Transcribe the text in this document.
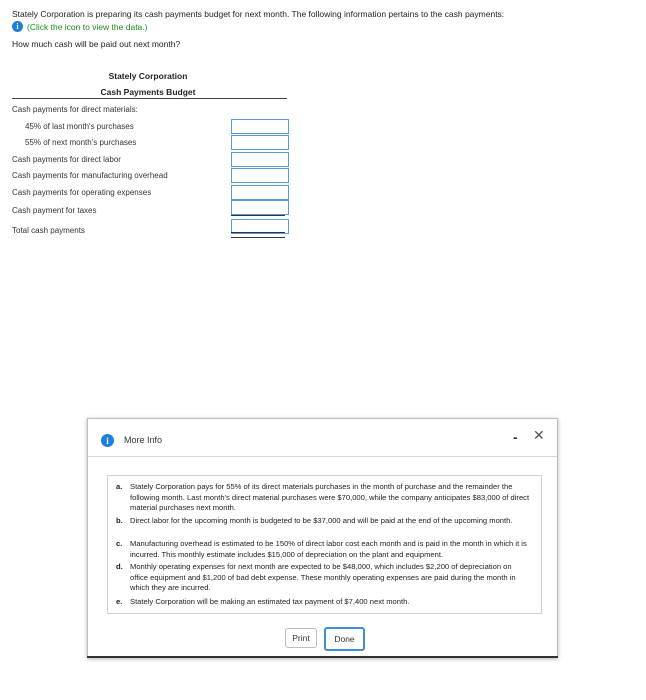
Stately Corporation is preparing its cash payments budget for next month. The following information pertains to the cash payments:
i (Click the icon to view the data.)
How much cash will be paid out next month?
Stately Corporation
Cash Payments Budget
Cash payments for direct materials:
45% of last month's purchases
55% of next month's purchases
Cash payments for direct labor
Cash payments for manufacturing overhead
Cash payments for operating expenses
Cash payment for taxes
Total cash payments
i	More Info	- ✕
a.	Stately Corporation pays for 55% of its direct materials purchases in the month of purchase and the remainder the following month. Last month's direct material purchases were $70,000, while the company anticipates $83,000 of direct material purchases next month.
b. Direct labor for the upcoming month is budgeted to be $37,000 and will be paid at the end of the upcoming month.
c.	Manufacturing overhead is estimated to be 150% of direct labor cost each month and is paid in the month in which it is incurred. This monthly estimate includes $15,000 of depreciation on the plant and equipment.
d. Monthly operating expenses for next month are expected to be $48,000, which includes $2,200 of depreciation on office equipment and $1,200 of bad debt expense. These monthly operating expenses are paid during the month in which they are incurred.
e.	Stately Corporation will be making an estimated tax payment of $7,400 next month.
Print	Done
